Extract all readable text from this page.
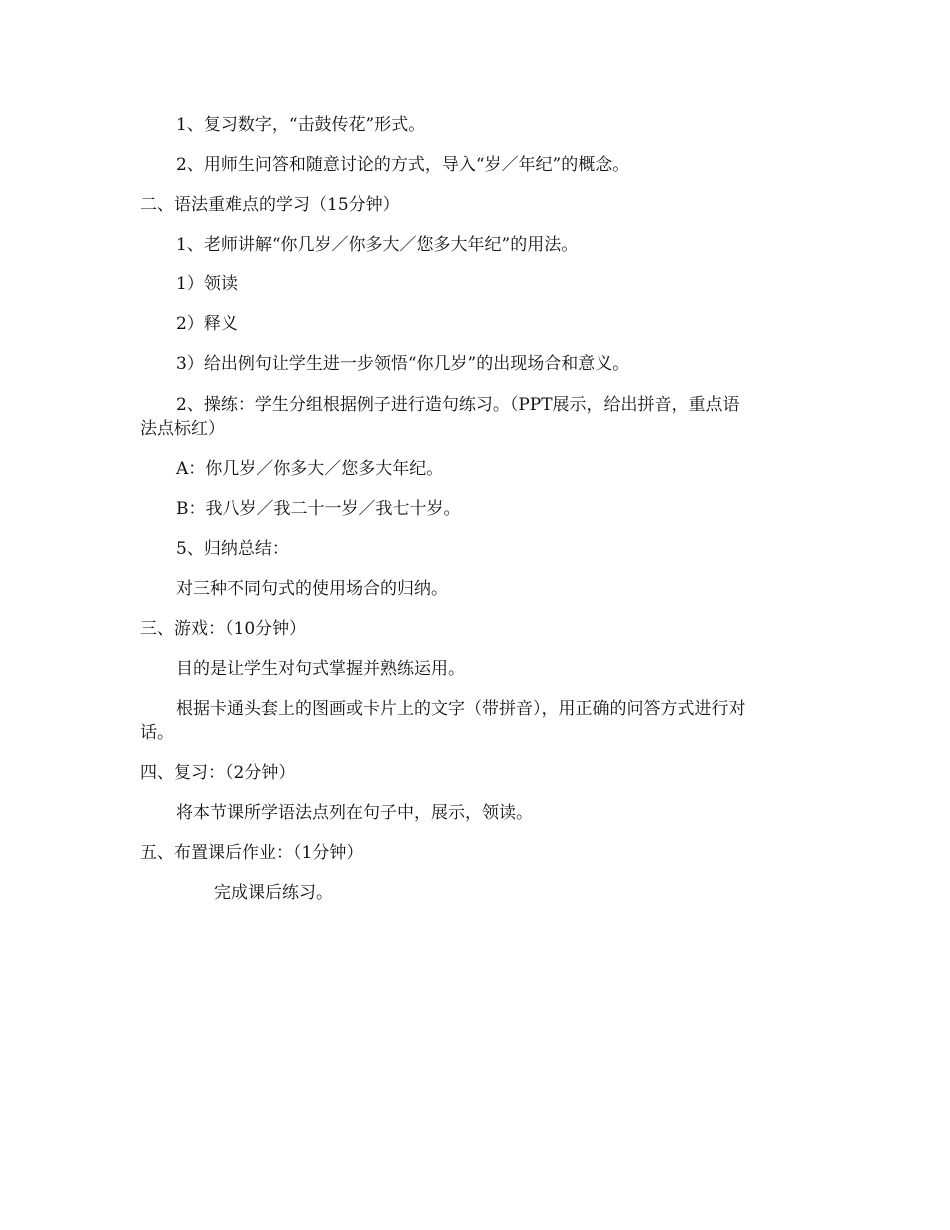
1、复习数字，“击鼓传花”形式。

2、用师生问答和随意讨论的方式，导入“岁／年纪”的概念。

二、语法重难点的学习（15分钟）

1、老师讲解“你几岁／你多大／您多大年纪”的用法。

1）领读

2）释义

3）给出例句让学生进一步领悟“你几岁”的出现场合和意义。

2、操练：学生分组根据例子进行造句练习。（PPT展示，给出拼音，重点语

法点标红）

A：你几岁／你多大／您多大年纪。

B：我八岁／我二十一岁／我七十岁。

5、归纳总结：

对三种不同句式的使用场合的归纳。

三、游戏：（10分钟）

目的是让学生对句式掌握并熟练运用。

根据卡通头套上的图画或卡片上的文字（带拼音），用正确的问答方式进行对

话。

四、复习：（2分钟）

将本节课所学语法点列在句子中，展示，领读。

五、布置课后作业：（1分钟）

完成课后练习。
